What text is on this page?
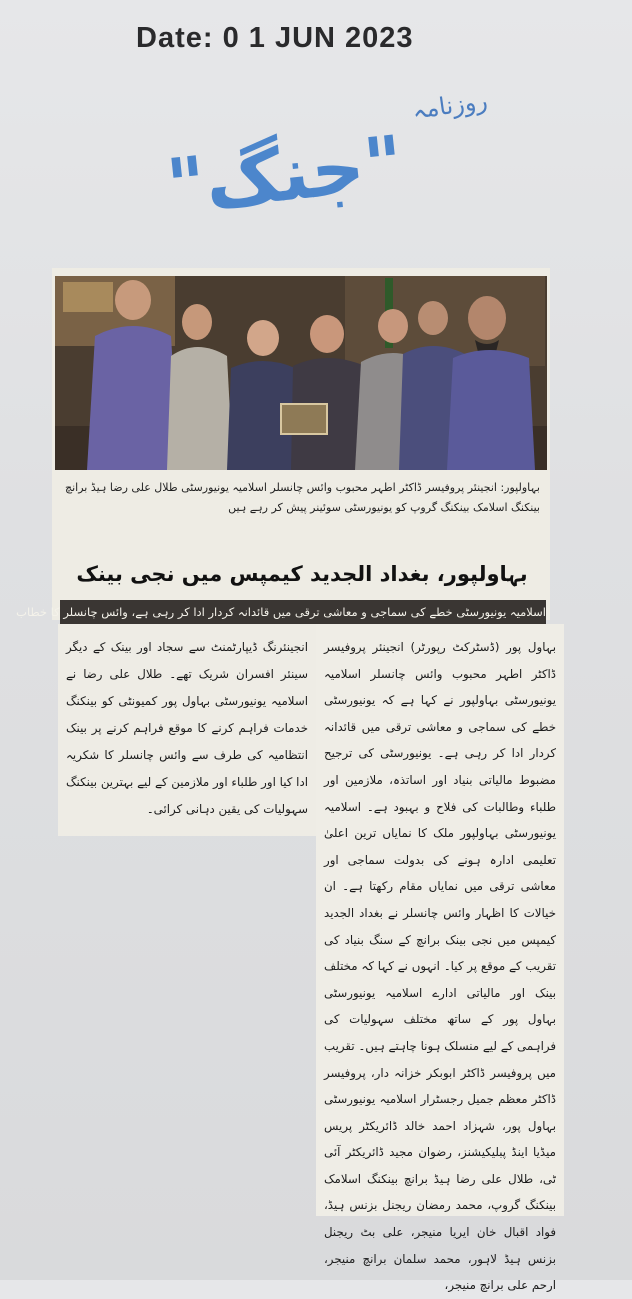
Date: 0 1 JUN 2023
روزنامہ
"جنگ"
بہاولپور: انجینئر پروفیسر ڈاکٹر اطہر محبوب وائس چانسلر اسلامیہ یونیورسٹی طلال علی رضا ہیڈ برانچ بینکنگ اسلامک بینکنگ گروپ کو یونیورسٹی سوئینر پیش کر رہے ہیں
بہاولپور، بغداد الجدید کیمپس میں نجی بینک
اسلامیہ یونیورسٹی خطے کی سماجی و معاشی ترقی میں قائدانہ کردار ادا کر رہی ہے، وائس چانسلر کا خطاب
بہاول پور (ڈسٹرکٹ رپورٹر) انجینئر پروفیسر ڈاکٹر اطہر محبوب وائس چانسلر اسلامیہ یونیورسٹی بہاولپور نے کہا ہے کہ یونیورسٹی خطے کی سماجی و معاشی ترقی میں قائدانہ کردار ادا کر رہی ہے۔ یونیورسٹی کی ترجیح مضبوط مالیاتی بنیاد اور اساتذہ، ملازمین اور طلباء وطالبات کی فلاح و بہبود ہے۔ اسلامیہ یونیورسٹی بہاولپور ملک کا نمایاں ترین اعلیٰ تعلیمی ادارہ ہونے کی بدولت سماجی اور معاشی ترقی میں نمایاں مقام رکھتا ہے۔ ان خیالات کا اظہار وائس چانسلر نے بغداد الجدید کیمپس میں نجی بینک برانچ کے سنگ بنیاد کی تقریب کے موقع پر کیا۔ انہوں نے کہا کہ مختلف بینک اور مالیاتی ادارے اسلامیہ یونیورسٹی بہاول پور کے ساتھ مختلف سہولیات کی فراہمی کے لیے منسلک ہونا چاہتے ہیں۔ تقریب میں پروفیسر ڈاکٹر ابوبکر خزانہ دار، پروفیسر ڈاکٹر معظم جمیل رجسٹرار اسلامیہ یونیورسٹی بہاول پور، شہزاد احمد خالد ڈائریکٹر پریس میڈیا اینڈ پبلیکیشنز، رضوان مجید ڈائریکٹر آئی ٹی، طلال علی رضا ہیڈ برانچ بینکنگ اسلامک بینکنگ گروپ، محمد رمضان ریجنل بزنس ہیڈ، فواد اقبال خان ایریا منیجر، علی بٹ ریجنل بزنس ہیڈ لاہور، محمد سلمان برانچ منیجر، ارحم علی برانچ منیجر،
انجینئرنگ ڈیپارٹمنٹ سے سجاد اور بینک کے دیگر سینئر افسران شریک تھے۔ طلال علی رضا نے اسلامیہ یونیورسٹی بہاول پور کمیونٹی کو بینکنگ خدمات فراہم کرنے کا موقع فراہم کرنے پر بینک انتظامیہ کی طرف سے وائس چانسلر کا شکریہ ادا کیا اور طلباء اور ملازمین کے لیے بہترین بینکنگ سہولیات کی یقین دہانی کرائی۔
